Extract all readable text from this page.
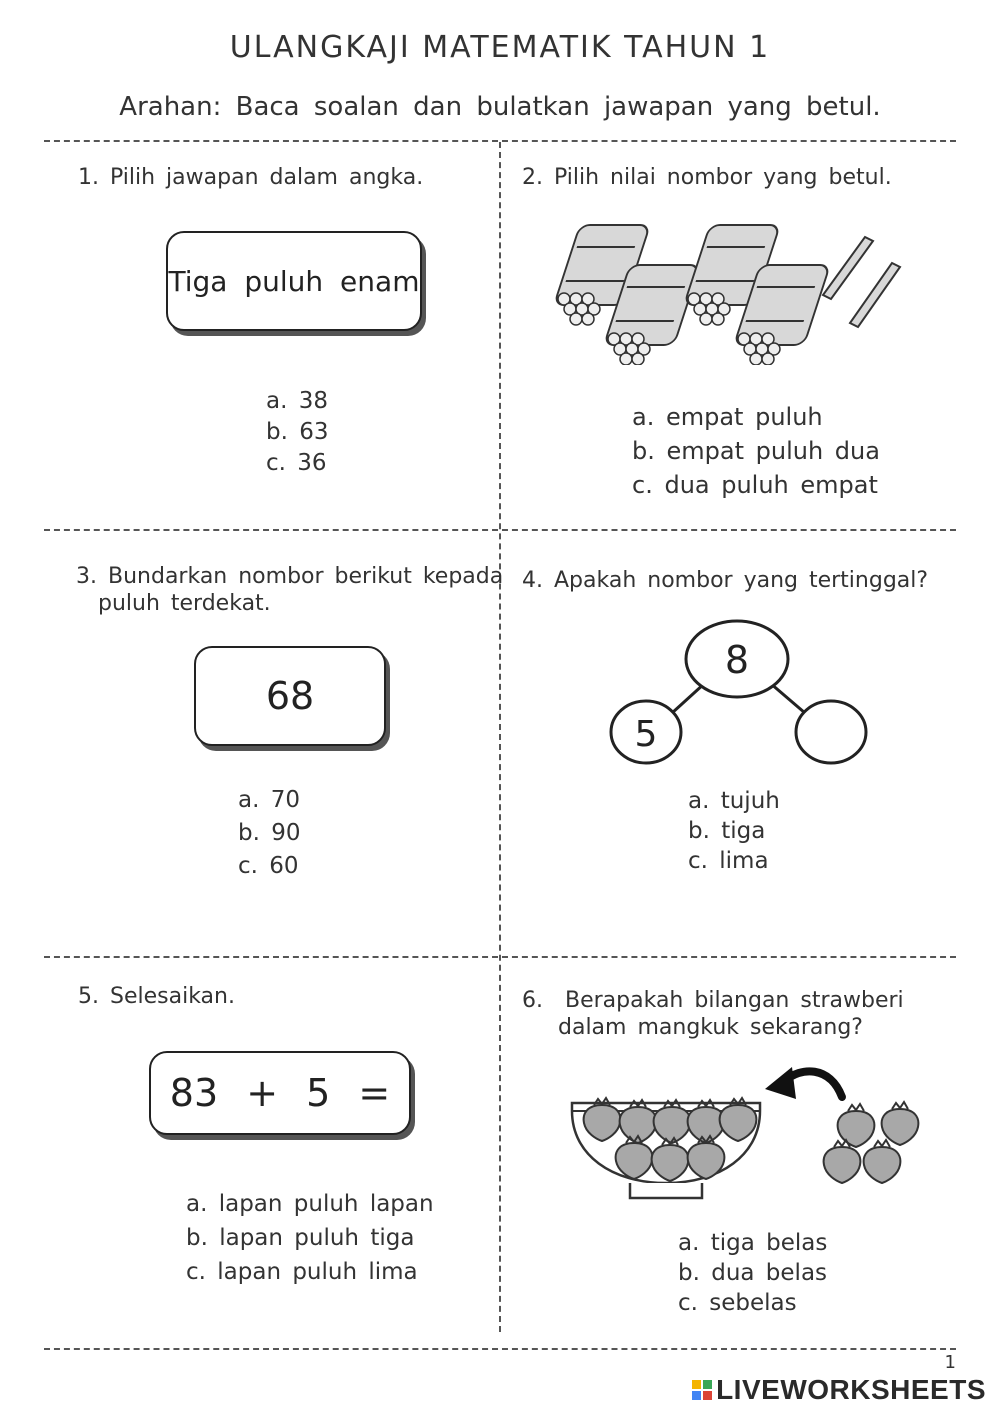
ULANGKAJI MATEMATIK TAHUN 1
Arahan: Baca soalan dan bulatkan jawapan yang betul.
1. Pilih jawapan dalam angka.
Tiga puluh enam
a. 38
b. 63
c. 36
2. Pilih nilai nombor yang betul.
a. empat puluh
b. empat puluh dua
c. dua puluh empat
3. Bundarkan nombor berikut kepada
puluh terdekat.
68
a. 70
b. 90
c. 60
4. Apakah nombor yang tertinggal?
8
5
a. tujuh
b. tiga
c. lima
5. Selesaikan.
83 + 5 =
a. lapan puluh lapan
b. lapan puluh tiga
c. lapan puluh lima
6. Berapakah bilangan strawberi
dalam mangkuk sekarang?
a. tiga belas
b. dua belas
c. sebelas
1
LIVEWORKSHEETS
